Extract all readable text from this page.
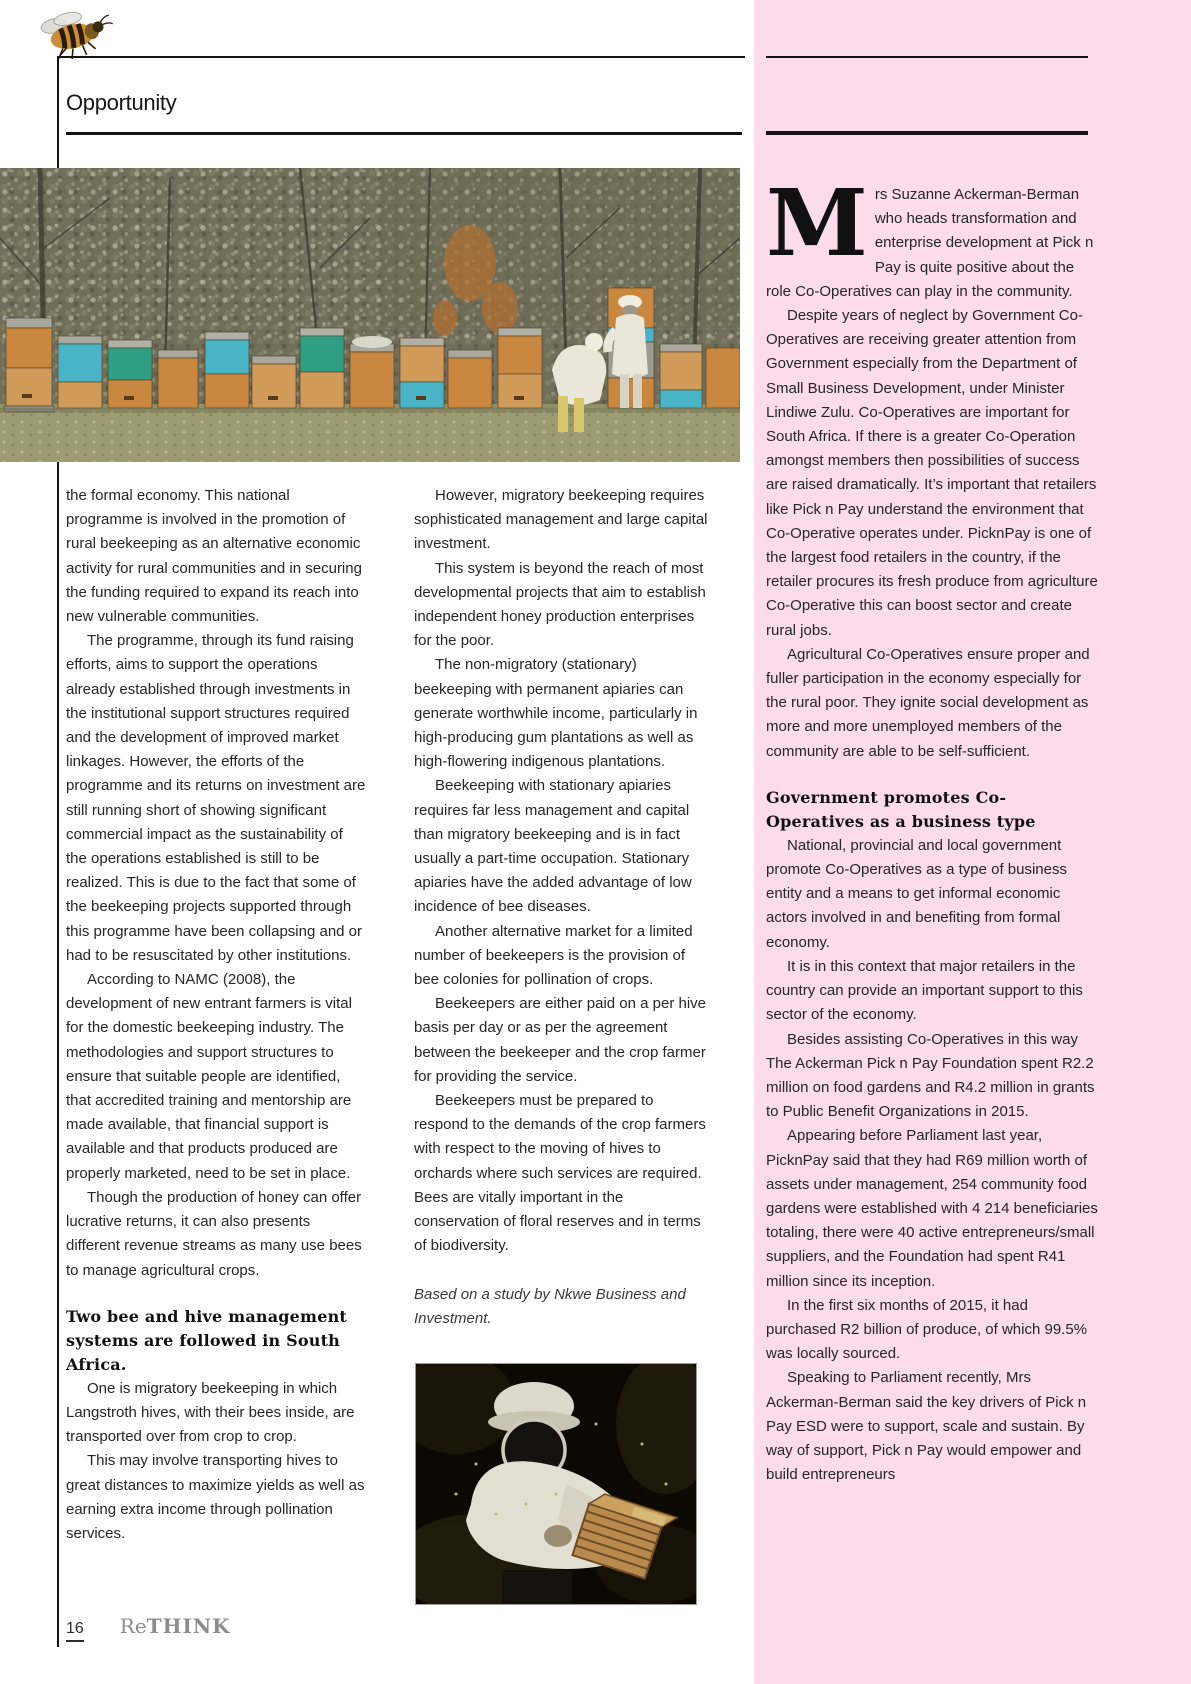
Opportunity

the formal economy. This national programme is involved in the promotion of rural beekeeping as an alternative economic activity for rural communities and in securing the funding required to expand its reach into new vulnerable communities.

The programme, through its fund raising efforts, aims to support the operations already established through investments in the institutional support structures required and the development of improved market linkages. However, the efforts of the programme and its returns on investment are still running short of showing significant commercial impact as the sustainability of the operations established is still to be realized. This is due to the fact that some of the beekeeping projects supported through this programme have been collapsing and or had to be resuscitated by other institutions.

According to NAMC (2008), the development of new entrant farmers is vital for the domestic beekeeping industry. The methodologies and support structures to ensure that suitable people are identified, that accredited training and mentorship are made available, that financial support is available and that products produced are properly marketed, need to be set in place.

Though the production of honey can offer lucrative returns, it can also presents different revenue streams as many use bees to manage agricultural crops.

Two bee and hive management systems are followed in South Africa.

One is migratory beekeeping in which Langstroth hives, with their bees inside, are transported over from crop to crop.

This may involve transporting hives to great distances to maximize yields as well as earning extra income through pollination services.

However, migratory beekeeping requires sophisticated management and large capital investment.

This system is beyond the reach of most developmental projects that aim to establish independent honey production enterprises for the poor.

The non-migratory (stationary) beekeeping with permanent apiaries can generate worthwhile income, particularly in high-producing gum plantations as well as high-flowering indigenous plantations.

Beekeeping with stationary apiaries requires far less management and capital than migratory beekeeping and is in fact usually a part-time occupation. Stationary apiaries have the added advantage of low incidence of bee diseases.

Another alternative market for a limited number of beekeepers is the provision of bee colonies for pollination of crops.

Beekeepers are either paid on a per hive basis per day or as per the agreement between the beekeeper and the crop farmer for providing the service.

Beekeepers must be prepared to respond to the demands of the crop farmers with respect to the moving of hives to orchards where such services are required. Bees are vitally important in the conservation of floral reserves and in terms of biodiversity.

Based on a study by Nkwe Business and Investment.

M rs Suzanne Ackerman-Berman who heads transformation and enterprise development at Pick n Pay is quite positive about the role Co-Operatives can play in the community.

Despite years of neglect by Government Co-Operatives are receiving greater attention from Government especially from the Department of Small Business Development, under Minister Lindiwe Zulu. Co-Operatives are important for South Africa. If there is a greater Co-Operation amongst members then possibilities of success are raised dramatically. It’s important that retailers like Pick n Pay understand the environment that Co-Operative operates under. PicknPay is one of the largest food retailers in the country, if the retailer procures its fresh produce from agriculture Co-Operative this can boost sector and create rural jobs.

Agricultural Co-Operatives ensure proper and fuller participation in the economy especially for the rural poor. They ignite social development as more and more unemployed members of the community are able to be self-sufficient.

Government promotes Co-Operatives as a business type

National, provincial and local government promote Co-Operatives as a type of business entity and a means to get informal economic actors involved in and benefiting from formal economy.

It is in this context that major retailers in the country can provide an important support to this sector of the economy.

Besides assisting Co-Operatives in this way The Ackerman Pick n Pay Foundation spent R2.2 million on food gardens and R4.2 million in grants to Public Benefit Organizations in 2015.

Appearing before Parliament last year, PicknPay said that they had R69 million worth of assets under management, 254 community food gardens were established with 4 214 beneficiaries totaling, there were 40 active entrepreneurs/small suppliers, and the Foundation had spent R41 million since its inception.

In the first six months of 2015, it had purchased R2 billion of produce, of which 99.5% was locally sourced.

Speaking to Parliament recently, Mrs Ackerman-Berman said the key drivers of Pick n Pay ESD were to support, scale and sustain. By way of support, Pick n Pay would empower and build entrepreneurs

16 ReTHINK
